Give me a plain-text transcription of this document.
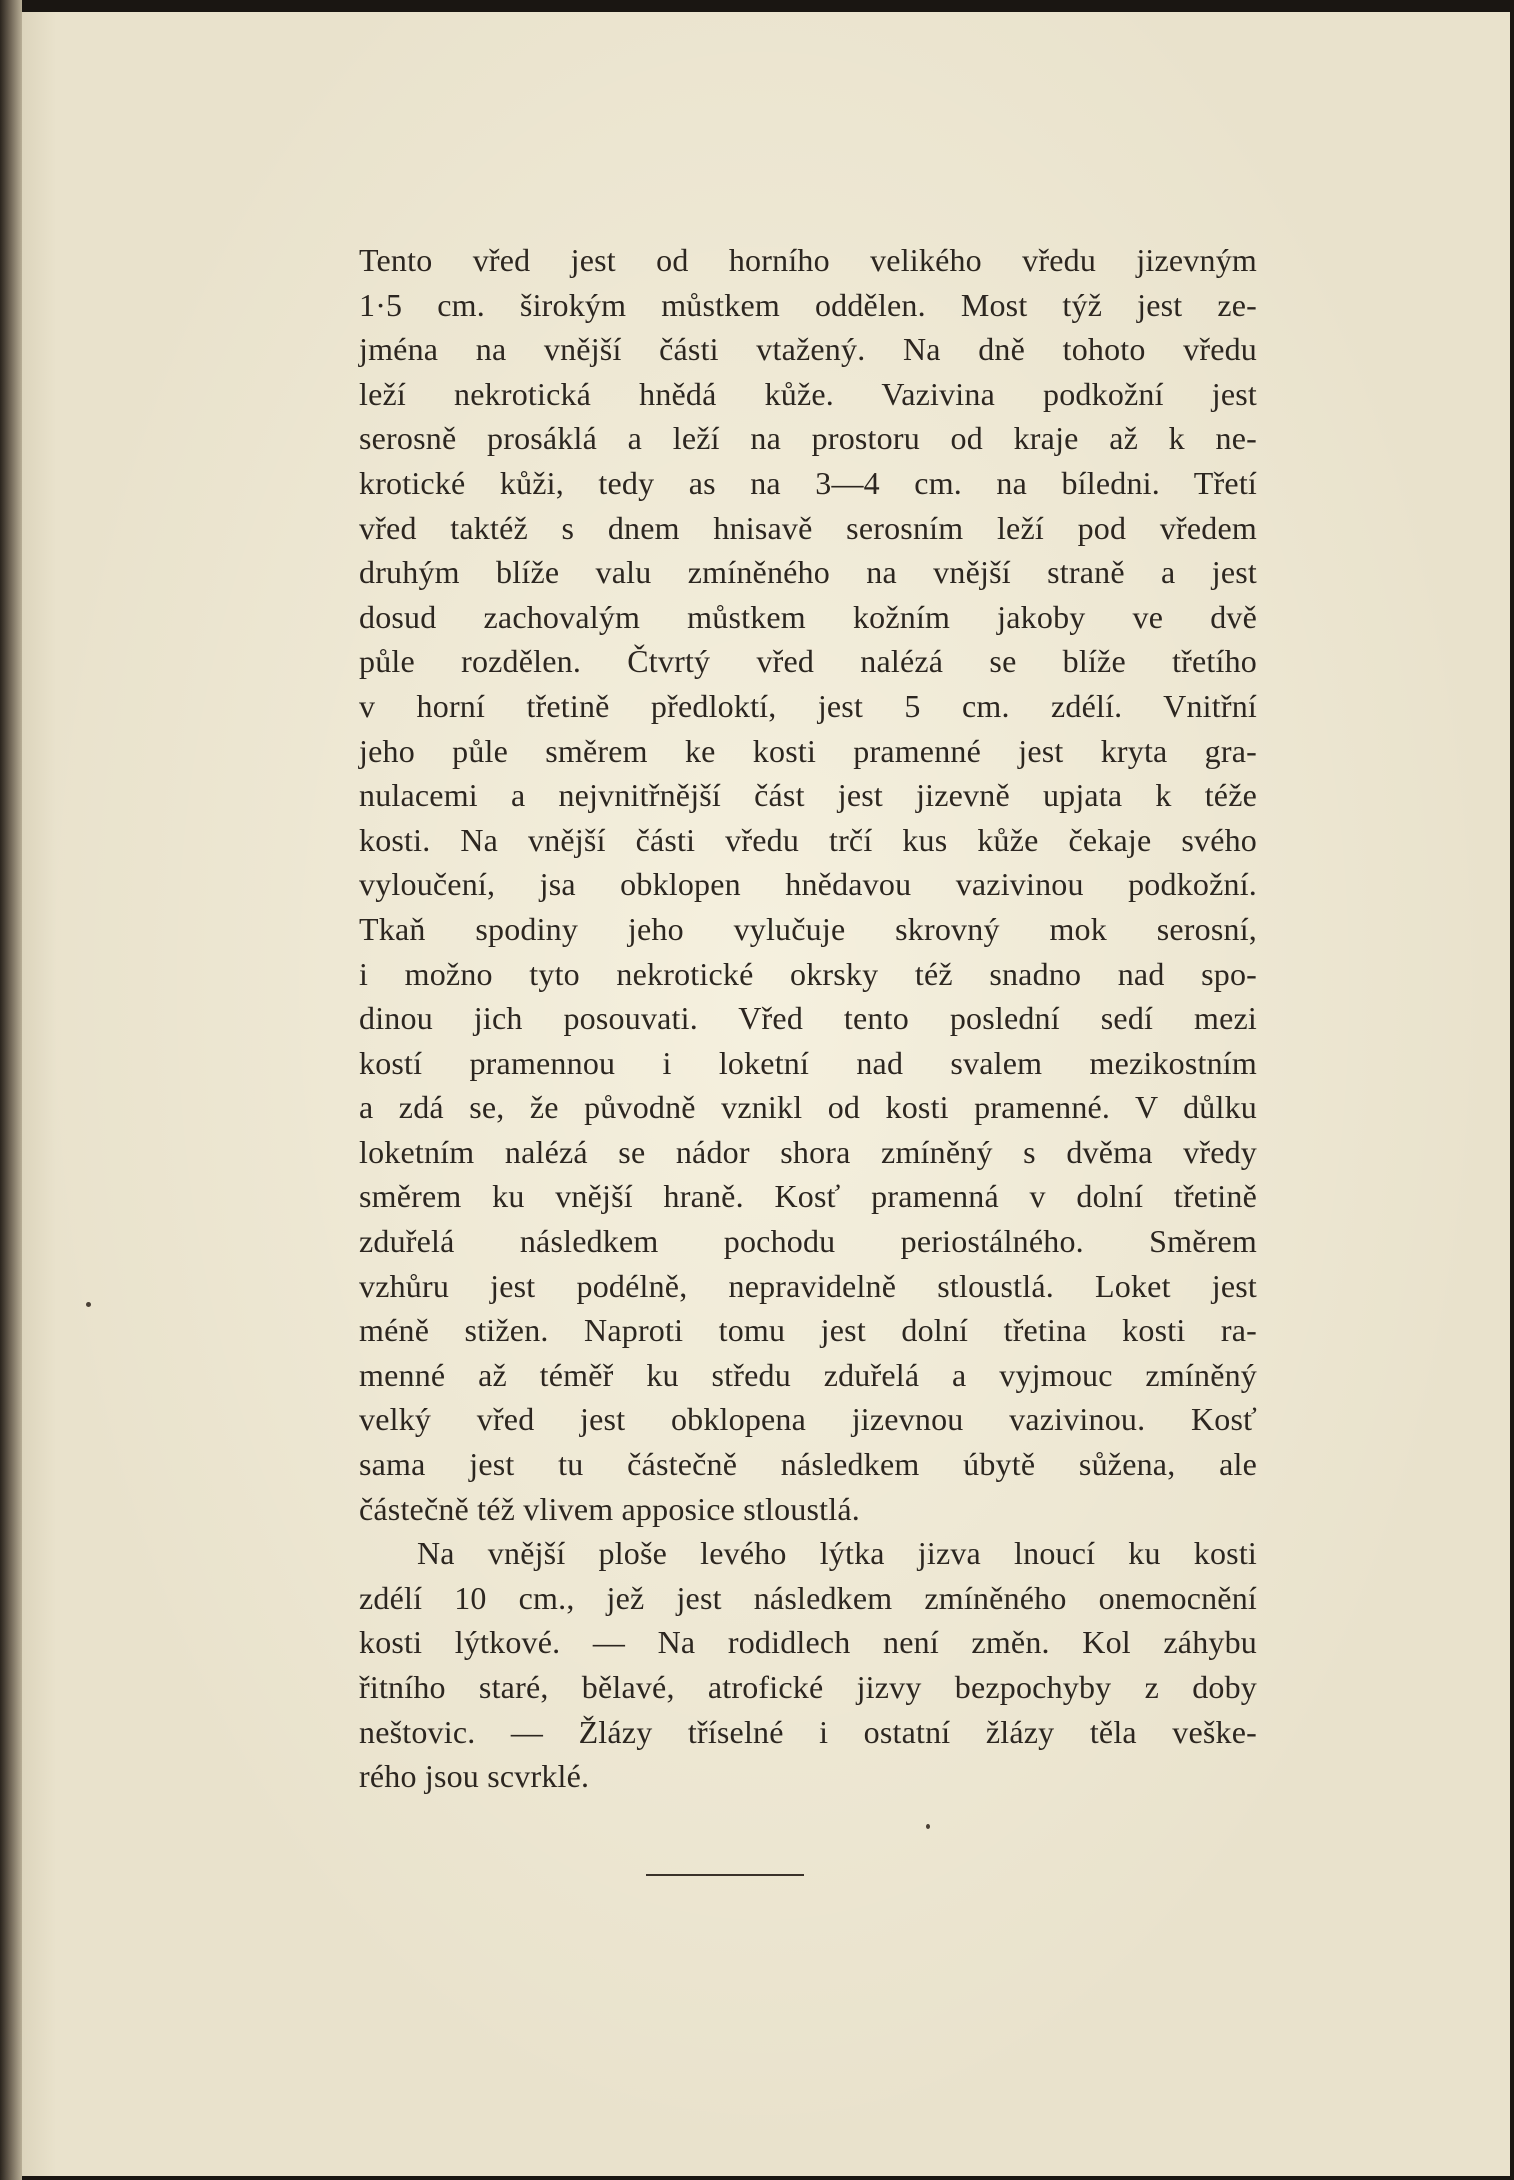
Tento vřed jest od horního velikého vředu jizevným
1·5 cm. širokým můstkem oddělen. Most týž jest ze-
jména na vnější části vtažený. Na dně tohoto vředu
leží nekrotická hnědá kůže. Vazivina podkožní jest
serosně prosáklá a leží na prostoru od kraje až k ne-
krotické kůži, tedy as na 3—4 cm. na bíledni. Třetí
vřed taktéž s dnem hnisavě serosním leží pod vředem
druhým blíže valu zmíněného na vnější straně a jest
dosud zachovalým můstkem kožním jakoby ve dvě
půle rozdělen. Čtvrtý vřed nalézá se blíže třetího
v horní třetině předloktí, jest 5 cm. zdélí. Vnitřní
jeho půle směrem ke kosti pramenné jest kryta gra-
nulacemi a nejvnitřnější část jest jizevně upjata k téže
kosti. Na vnější části vředu trčí kus kůže čekaje svého
vyloučení, jsa obklopen hnědavou vazivinou podkožní.
Tkaň spodiny jeho vylučuje skrovný mok serosní,
i možno tyto nekrotické okrsky též snadno nad spo-
dinou jich posouvati. Vřed tento poslední sedí mezi
kostí pramennou i loketní nad svalem mezikostním
a zdá se, že původně vznikl od kosti pramenné. V důlku
loketním nalézá se nádor shora zmíněný s dvěma vředy
směrem ku vnější hraně. Kosť pramenná v dolní třetině
zduřelá následkem pochodu periostálného. Směrem
vzhůru jest podélně, nepravidelně stloustlá. Loket jest
méně stižen. Naproti tomu jest dolní třetina kosti ra-
menné až téměř ku středu zduřelá a vyjmouc zmíněný
velký vřed jest obklopena jizevnou vazivinou. Kosť
sama jest tu částečně následkem úbytě sůžena, ale
částečně též vlivem apposice stloustlá.
Na vnější ploše levého lýtka jizva lnoucí ku kosti
zdélí 10 cm., jež jest následkem zmíněného onemocnění
kosti lýtkové. — Na rodidlech není změn. Kol záhybu
řitního staré, bělavé, atrofické jizvy bezpochyby z doby
neštovic. — Žlázy tříselné i ostatní žlázy těla veške-
rého jsou scvrklé.
